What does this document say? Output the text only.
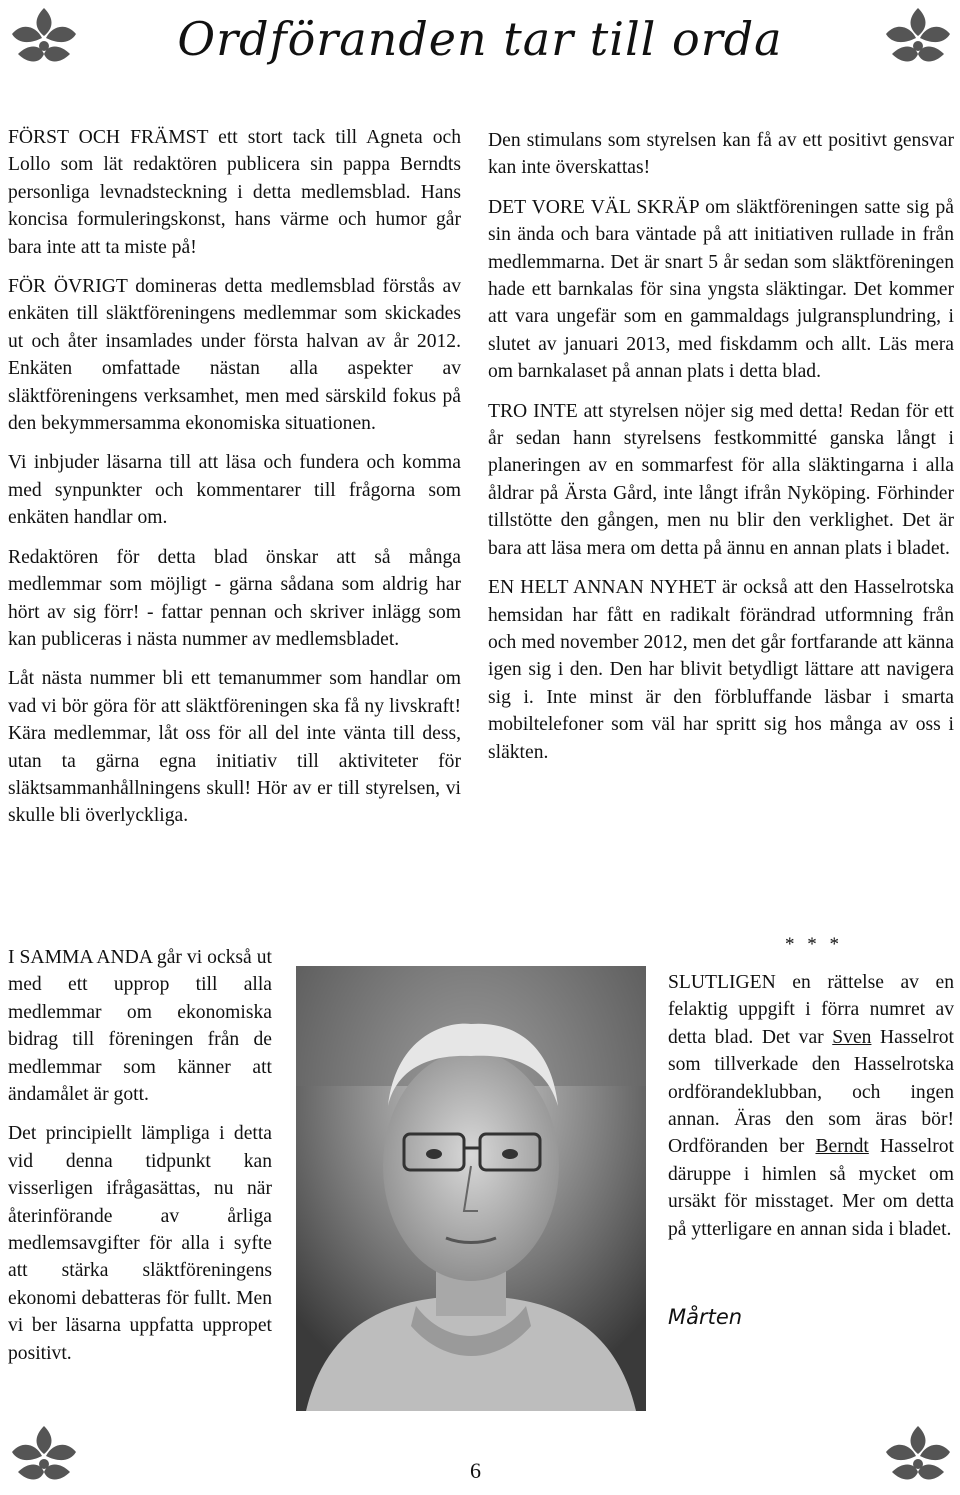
Ordföranden tar till orda

FÖRST OCH FRÄMST ett stort tack till Agneta och Lollo som lät redaktören publicera sin pappa Berndts personliga levnadsteckning i detta medlemsblad. Hans koncisa formuleringskonst, hans värme och humor går bara inte att ta miste på!

FÖR ÖVRIGT domineras detta medlemsblad förstås av enkäten till släktföreningens medlemmar som skickades ut och åter insamlades under första halvan av år 2012. Enkäten omfattade nästan alla aspekter av släktföreningens verksamhet, men med särskild fokus på den bekymmersamma ekonomiska situationen.

Vi inbjuder läsarna till att läsa och fundera och komma med synpunkter och kommentarer till frågorna som enkäten handlar om.

Redaktören för detta blad önskar att så många medlemmar som möjligt - gärna sådana som aldrig har hört av sig förr! - fattar pennan och skriver inlägg som kan publiceras i nästa nummer av medlemsbladet.

Låt nästa nummer bli ett temanummer som handlar om vad vi bör göra för att släktföreningen ska få ny livskraft! Kära medlemmar, låt oss för all del inte vänta till dess, utan ta gärna egna initiativ till aktiviteter för släktsammanhållningens skull! Hör av er till styrelsen, vi skulle bli överlyckliga.

I SAMMA ANDA går vi också ut med ett upprop till alla medlemmar om ekonomiska bidrag till föreningen från de medlemmar som känner att ändamålet är gott.

Det principiellt lämpliga i detta vid denna tidpunkt kan visserligen ifrågasättas, nu när återinförande av årliga medlemsavgifter för alla i syfte att stärka släktföreningens ekonomi debatteras för fullt. Men vi ber läsarna uppfatta uppropet positivt.

Den stimulans som styrelsen kan få av ett positivt gensvar kan inte överskattas!

DET VORE VÄL SKRÄP om släktföreningen satte sig på sin ända och bara väntade på att initiativen rullade in från medlemmarna. Det är snart 5 år sedan som släktföreningen hade ett barnkalas för sina yngsta släktingar. Det kommer att vara ungefär som en gammaldags julgransplundring, i slutet av januari 2013, med fiskdamm och allt. Läs mera om barnkalaset på annan plats i detta blad.

TRO INTE att styrelsen nöjer sig med detta! Redan för ett år sedan hann styrelsens festkommitté ganska långt i planeringen av en sommarfest för alla släktingarna i alla åldrar på Ärsta Gård, inte långt ifrån Nyköping. Förhinder tillstötte den gången, men nu blir den verklighet. Det är bara att läsa mera om detta på ännu en annan plats i bladet.

EN HELT ANNAN NYHET är också att den Hasselrotska hemsidan har fått en radikalt förändrad utformning från och med november 2012, men det går fortfarande att känna igen sig i den. Den har blivit betydligt lättare att navigera sig i. Inte minst är den förbluffande läsbar i smarta mobiltelefoner som väl har spritt sig hos många av oss i släkten.

* * *

SLUTLIGEN en rättelse av en felaktig uppgift i förra numret av detta blad. Det var Sven Hasselrot som tillverkade den Hasselrotska ordförandeklubban, och ingen annan. Äras den som äras bör! Ordföranden ber Berndt Hasselrot däruppe i himlen så mycket om ursäkt för misstaget. Mer om detta på ytterligare en annan sida i bladet.

Mårten
6
